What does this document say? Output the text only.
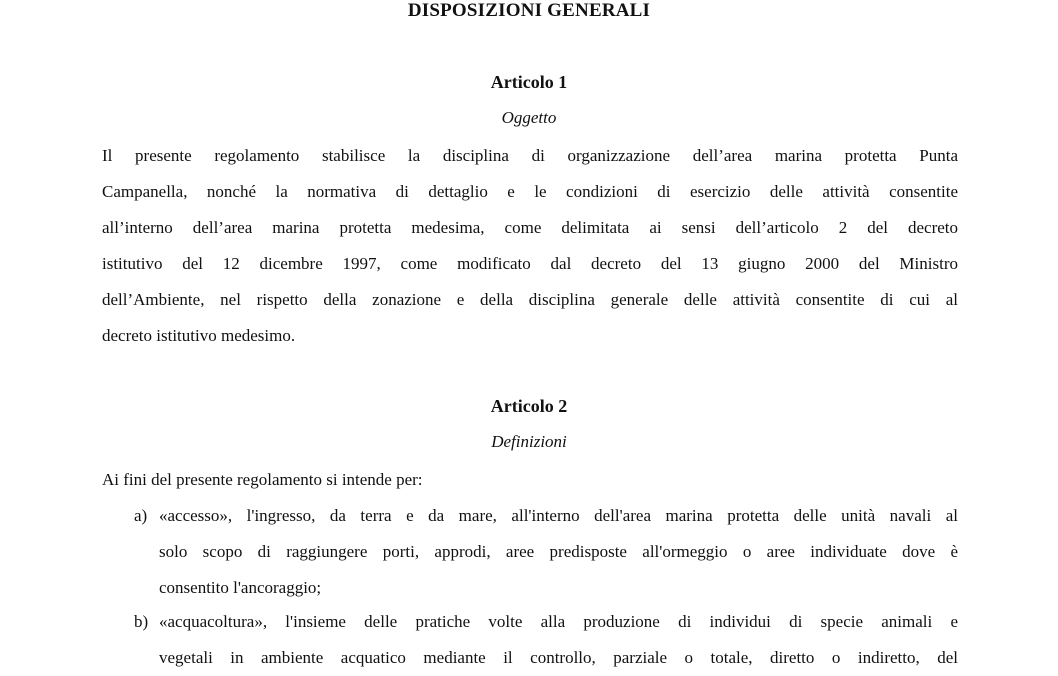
DISPOSIZIONI GENERALI
Articolo 1
Oggetto
Il presente regolamento stabilisce la disciplina di organizzazione dell’area marina protetta Punta
Campanella, nonché la normativa di dettaglio e le condizioni di esercizio delle attività consentite
all’interno dell’area marina protetta medesima, come delimitata ai sensi dell’articolo 2 del decreto
istitutivo del 12 dicembre 1997, come modificato dal decreto del 13 giugno 2000 del Ministro
dell’Ambiente, nel rispetto della zonazione e della disciplina generale delle attività consentite di cui al
decreto istitutivo medesimo.
Articolo 2
Definizioni
Ai fini del presente regolamento si intende per:
a) «accesso», l'ingresso, da terra e da mare, all'interno dell'area marina protetta delle unità navali al
solo scopo di raggiungere porti, approdi, aree predisposte all'ormeggio o aree individuate dove è
consentito l'ancoraggio;
b) «acquacoltura», l'insieme delle pratiche volte alla produzione di individui di specie animali e
vegetali in ambiente acquatico mediante il controllo, parziale o totale, diretto o indiretto, del
